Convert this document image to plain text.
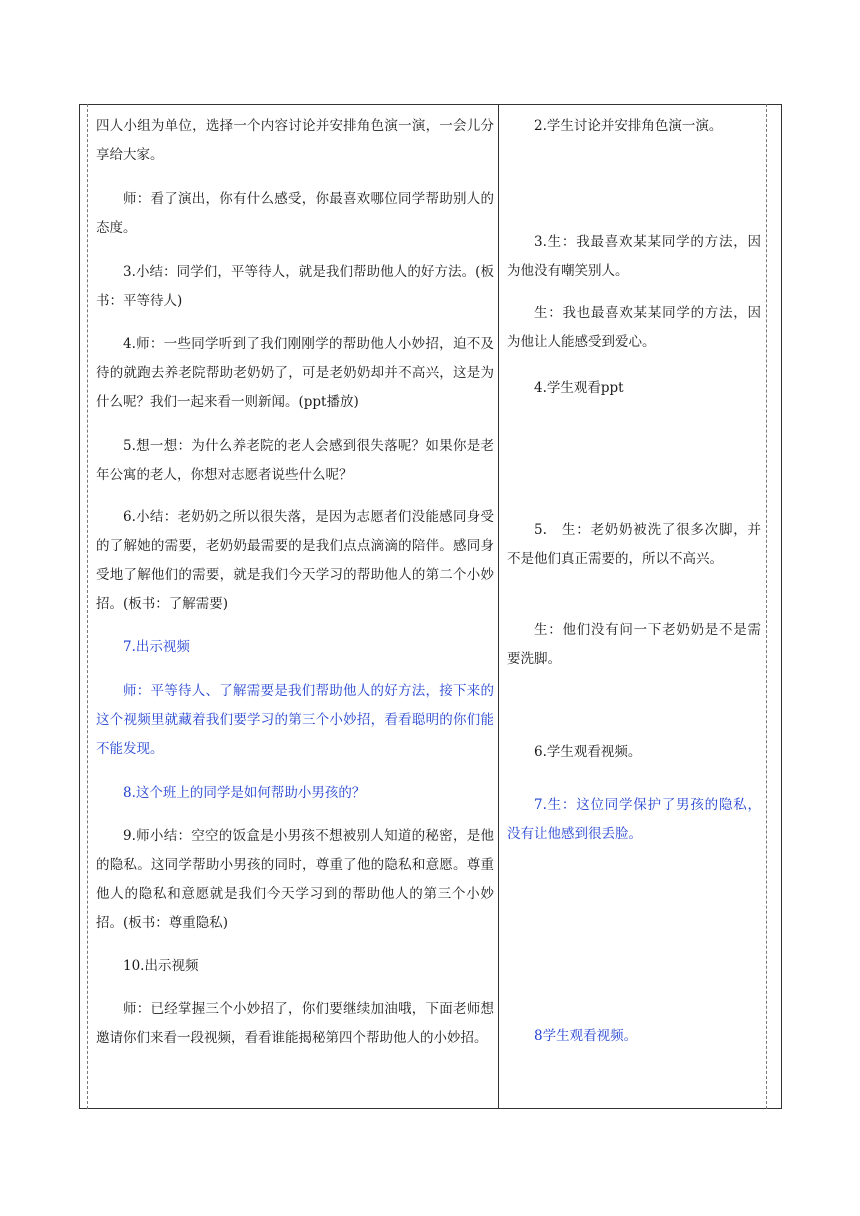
四人小组为单位，选择一个内容讨论并安排角色演一演，一会儿分享给大家。

师：看了演出，你有什么感受，你最喜欢哪位同学帮助别人的态度。

3.小结：同学们，平等待人，就是我们帮助他人的好方法。(板书：平等待人)

4.师：一些同学听到了我们刚刚学的帮助他人小妙招，迫不及待的就跑去养老院帮助老奶奶了，可是老奶奶却并不高兴，这是为什么呢？我们一起来看一则新闻。(ppt播放)

5.想一想：为什么养老院的老人会感到很失落呢？如果你是老年公寓的老人，你想对志愿者说些什么呢？

6.小结：老奶奶之所以很失落，是因为志愿者们没能感同身受的了解她的需要，老奶奶最需要的是我们点点滴滴的陪伴。感同身受地了解他们的需要，就是我们今天学习的帮助他人的第二个小妙招。(板书：了解需要)

7.出示视频

师：平等待人、了解需要是我们帮助他人的好方法，接下来的这个视频里就藏着我们要学习的第三个小妙招，看看聪明的你们能不能发现。

8.这个班上的同学是如何帮助小男孩的？

9.师小结：空空的饭盒是小男孩不想被别人知道的秘密，是他的隐私。这同学帮助小男孩的同时，尊重了他的隐私和意愿。尊重他人的隐私和意愿就是我们今天学习到的帮助他人的第三个小妙招。(板书：尊重隐私)

10.出示视频

师：已经掌握三个小妙招了，你们要继续加油哦，下面老师想邀请你们来看一段视频，看看谁能揭秘第四个帮助他人的小妙招。

2.学生讨论并安排角色演一演。

3.生：我最喜欢某某同学的方法，因为他没有嘲笑别人。

生：我也最喜欢某某同学的方法，因为他让人能感受到爱心。

4.学生观看ppt

5.　生：老奶奶被洗了很多次脚，并不是他们真正需要的，所以不高兴。

生：他们没有问一下老奶奶是不是需要洗脚。

6.学生观看视频。

7.生：这位同学保护了男孩的隐私，没有让他感到很丢脸。

8学生观看视频。
